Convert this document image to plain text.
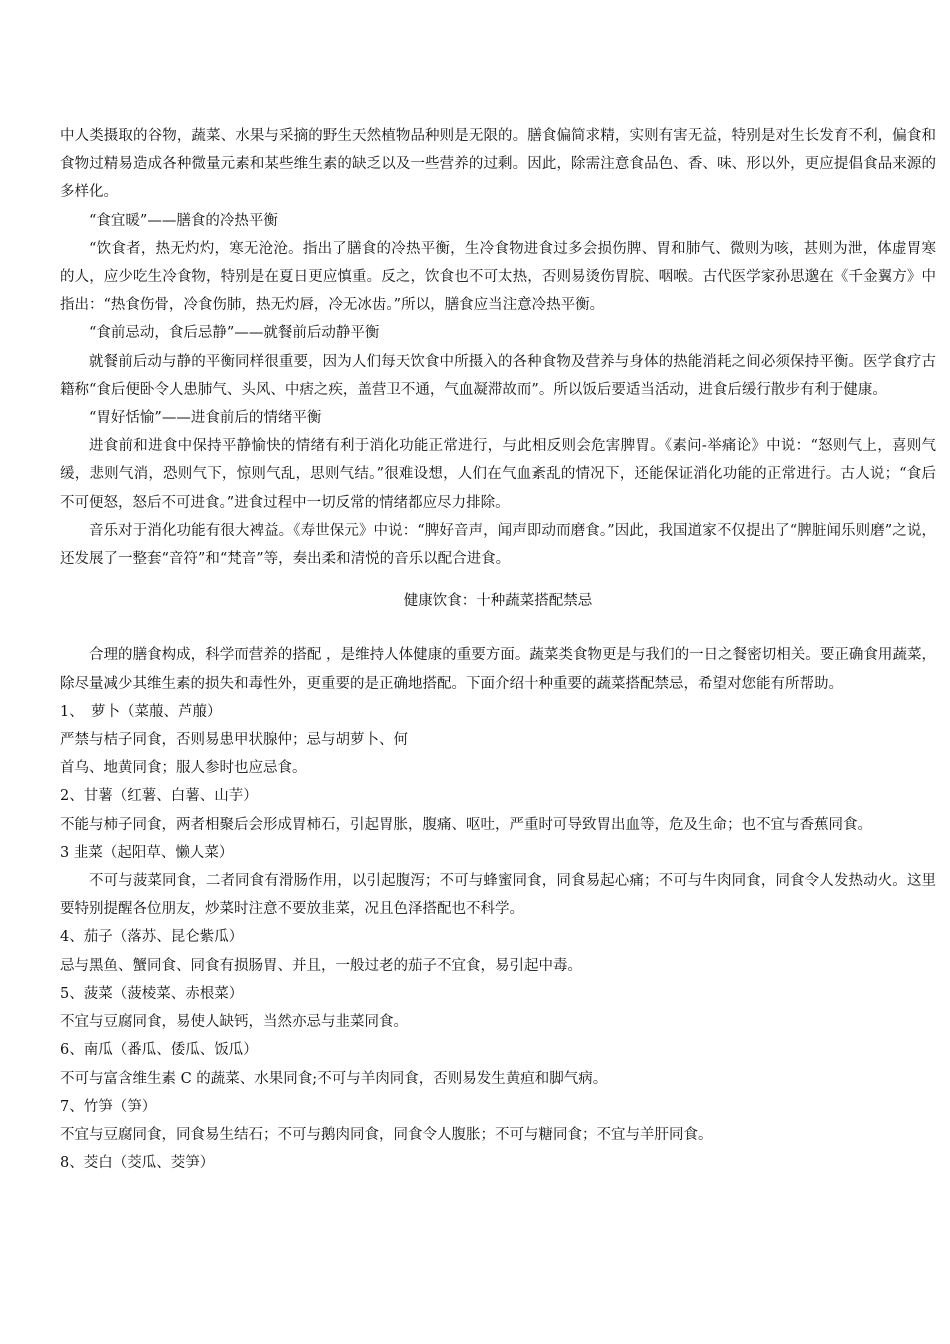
中人类摄取的谷物，蔬菜、水果与采摘的野生天然植物品种则是无限的。膳食偏简求精，实则有害无益，特别是对生长发育不利，偏食和食物过精易造成各种微量元素和某些维生素的缺乏以及一些营养的过剩。因此，除需注意食品色、香、味、形以外，更应提倡食品来源的多样化。

“食宜暖”——膳食的冷热平衡

“饮食者，热无灼灼，寒无沧沧。指出了膳食的冷热平衡，生冷食物进食过多会损伤脾、胃和肺气、微则为咳，甚则为泄，体虚胃寒的人，应少吃生冷食物，特别是在夏日更应慎重。反之，饮食也不可太热，否则易烫伤胃脘、咽喉。古代医学家孙思邈在《千金翼方》中指出：“热食伤骨，冷食伤肺，热无灼唇，冷无冰齿。”所以，膳食应当注意冷热平衡。

“食前忌动，食后忌静”——就餐前后动静平衡

就餐前后动与静的平衡同样很重要，因为人们每天饮食中所摄入的各种食物及营养与身体的热能消耗之间必须保持平衡。医学食疗古籍称“食后便卧令人患肺气、头风、中痞之疾，盖营卫不通，气血凝滞故而”。所以饭后要适当活动，进食后缓行散步有利于健康。

“胃好恬愉”——进食前后的情绪平衡

进食前和进食中保持平静愉快的情绪有利于消化功能正常进行，与此相反则会危害脾胃。《素问-举痛论》中说：“怒则气上，喜则气缓，悲则气消，恐则气下，惊则气乱，思则气结。”很难设想，人们在气血紊乱的情况下，还能保证消化功能的正常进行。古人说；“食后不可便怒，怒后不可进食。”进食过程中一切反常的情绪都应尽力排除。

音乐对于消化功能有很大裨益。《寿世保元》中说：“脾好音声，闻声即动而磨食。”因此，我国道家不仅提出了“脾脏闻乐则磨”之说，还发展了一整套“音符”和“梵音”等，奏出柔和清悦的音乐以配合进食。

健康饮食：十种蔬菜搭配禁忌

合理的膳食构成，科学而营养的搭配 ，是维持人体健康的重要方面。蔬菜类食物更是与我们的一日之餐密切相关。要正确食用蔬菜，除尽量减少其维生素的损失和毒性外，更重要的是正确地搭配。下面介绍十种重要的蔬菜搭配禁忌，希望对您能有所帮助。

1、　萝卜（菜菔、芦菔）

严禁与桔子同食，否则易患甲状腺仲；忌与胡萝卜、何

首乌、地黄同食；服人参时也应忌食。

2、甘薯（红薯、白薯、山芋）

不能与柿子同食，两者相聚后会形成胃柿石，引起胃胀，腹痛、呕吐，严重时可导致胃出血等，危及生命；也不宜与香蕉同食。

3 韭菜（起阳草、懒人菜）

不可与菠菜同食，二者同食有滑肠作用，以引起腹泻；不可与蜂蜜同食，同食易起心痛；不可与牛肉同食，同食令人发热动火。这里要特别提醒各位朋友，炒菜时注意不要放韭菜，况且色泽搭配也不科学。

4、茄子（落苏、昆仑紫瓜）

忌与黑鱼、蟹同食、同食有损肠胃、并且，一般过老的茄子不宜食，易引起中毒。

5、菠菜（菠棱菜、赤根菜）

不宜与豆腐同食，易使人缺钙，当然亦忌与韭菜同食。

6、南瓜（番瓜、倭瓜、饭瓜）

不可与富含维生素 C 的蔬菜、水果同食;不可与羊肉同食，否则易发生黄疸和脚气病。

7、竹笋（笋）

不宜与豆腐同食，同食易生结石；不可与鹅肉同食，同食令人腹胀；不可与糖同食；不宜与羊肝同食。

8、茭白（茭瓜、茭笋）
